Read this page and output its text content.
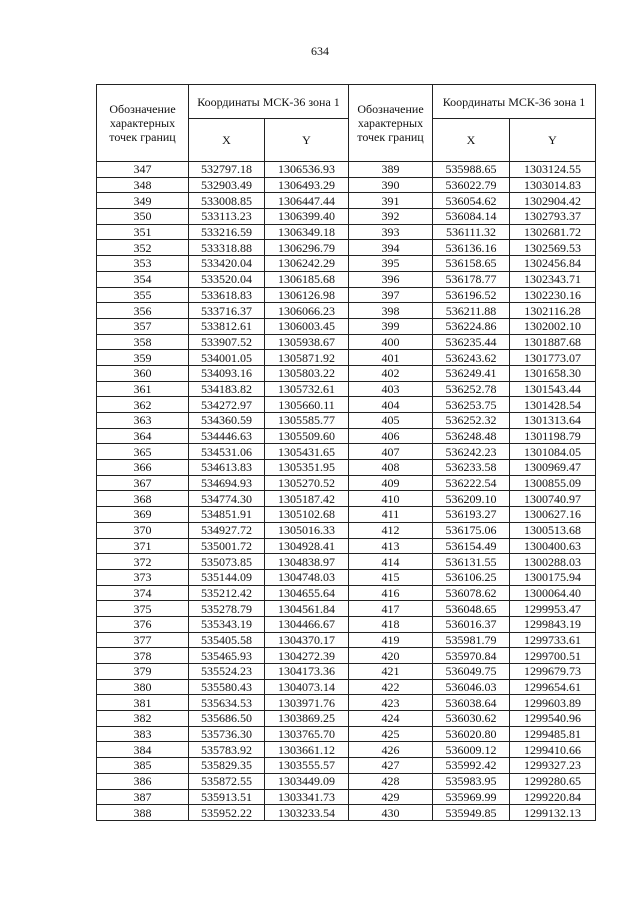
634
Обозначение характерных точек границ	Координаты МСК-36 зона 1	
	X	Y
347	532797.18	1306536.93
348	532903.49	1306493.29
349	533008.85	1306447.44
350	533113.23	1306399.40
351	533216.59	1306349.18
352	533318.88	1306296.79
353	533420.04	1306242.29
354	533520.04	1306185.68
355	533618.83	1306126.98
356	533716.37	1306066.23
357	533812.61	1306003.45
358	533907.52	1305938.67
359	534001.05	1305871.92
360	534093.16	1305803.22
361	534183.82	1305732.61
362	534272.97	1305660.11
363	534360.59	1305585.77
364	534446.63	1305509.60
365	534531.06	1305431.65
366	534613.83	1305351.95
367	534694.93	1305270.52
368	534774.30	1305187.42
369	534851.91	1305102.68
370	534927.72	1305016.33
371	535001.72	1304928.41
372	535073.85	1304838.97
373	535144.09	1304748.03
374	535212.42	1304655.64
375	535278.79	1304561.84
376	535343.19	1304466.67
377	535405.58	1304370.17
378	535465.93	1304272.39
379	535524.23	1304173.36
380	535580.43	1304073.14
381	535634.53	1303971.76
382	535686.50	1303869.25
383	535736.30	1303765.70
384	535783.92	1303661.12
385	535829.35	1303555.57
386	535872.55	1303449.09
387	535913.51	1303341.73
388	535952.22	1303233.54
Обозначение характерных точек границ	Координаты МСК-36 зона 1	
	X	Y
389	535988.65	1303124.55
390	536022.79	1303014.83
391	536054.62	1302904.42
392	536084.14	1302793.37
393	536111.32	1302681.72
394	536136.16	1302569.53
395	536158.65	1302456.84
396	536178.77	1302343.71
397	536196.52	1302230.16
398	536211.88	1302116.28
399	536224.86	1302002.10
400	536235.44	1301887.68
401	536243.62	1301773.07
402	536249.41	1301658.30
403	536252.78	1301543.44
404	536253.75	1301428.54
405	536252.32	1301313.64
406	536248.48	1301198.79
407	536242.23	1301084.05
408	536233.58	1300969.47
409	536222.54	1300855.09
410	536209.10	1300740.97
411	536193.27	1300627.16
412	536175.06	1300513.68
413	536154.49	1300400.63
414	536131.55	1300288.03
415	536106.25	1300175.94
416	536078.62	1300064.40
417	536048.65	1299953.47
418	536016.37	1299843.19
419	535981.79	1299733.61
420	535970.84	1299700.51
421	536049.75	1299679.73
422	536046.03	1299654.61
423	536038.64	1299603.89
424	536030.62	1299540.96
425	536020.80	1299485.81
426	536009.12	1299410.66
427	535992.42	1299327.23
428	535983.95	1299280.65
429	535969.99	1299220.84
430	535949.85	1299132.13
